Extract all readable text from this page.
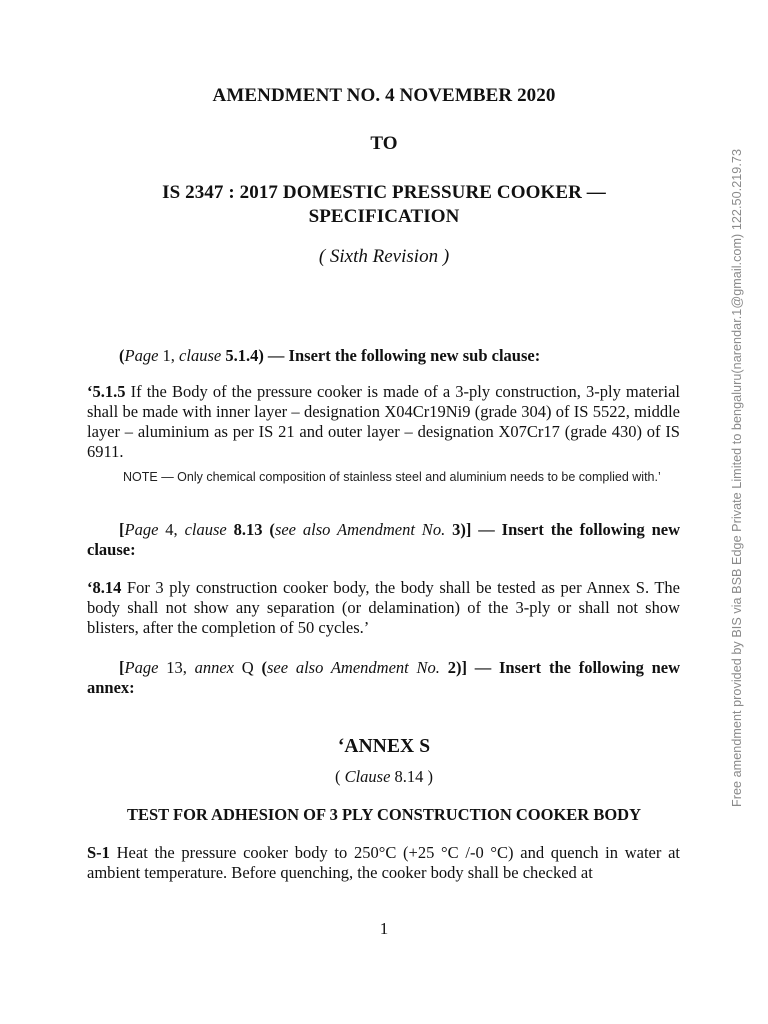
AMENDMENT NO. 4 NOVEMBER 2020
TO
IS 2347 : 2017 DOMESTIC PRESSURE COOKER —
SPECIFICATION
( Sixth Revision )
(Page 1, clause 5.1.4) — Insert the following new sub clause:
‘5.1.5 If the Body of the pressure cooker is made of a 3-ply construction, 3-ply material shall be made with inner layer – designation X04Cr19Ni9 (grade 304) of IS 5522, middle layer – aluminium as per IS 21 and outer layer – designation X07Cr17 (grade 430) of IS 6911.
NOTE — Only chemical composition of stainless steel and aluminium needs to be complied with.’
[Page 4, clause 8.13 (see also Amendment No. 3)] — Insert the following new clause:
‘8.14 For 3 ply construction cooker body, the body shall be tested as per Annex S. The body shall not show any separation (or delamination) of the 3-ply or shall not show blisters, after the completion of 50 cycles.’
[Page 13, annex Q (see also Amendment No. 2)] — Insert the following new annex:
‘ANNEX S
( Clause 8.14 )
TEST FOR ADHESION OF 3 PLY CONSTRUCTION COOKER BODY
S-1 Heat the pressure cooker body to 250°C (+25 °C /-0 °C) and quench in water at ambient temperature. Before quenching, the cooker body shall be checked at
1
Free amendment provided by BIS via BSB Edge Private Limited to bengaluru(narendar.1@gmail.com) 122.50.219.73
